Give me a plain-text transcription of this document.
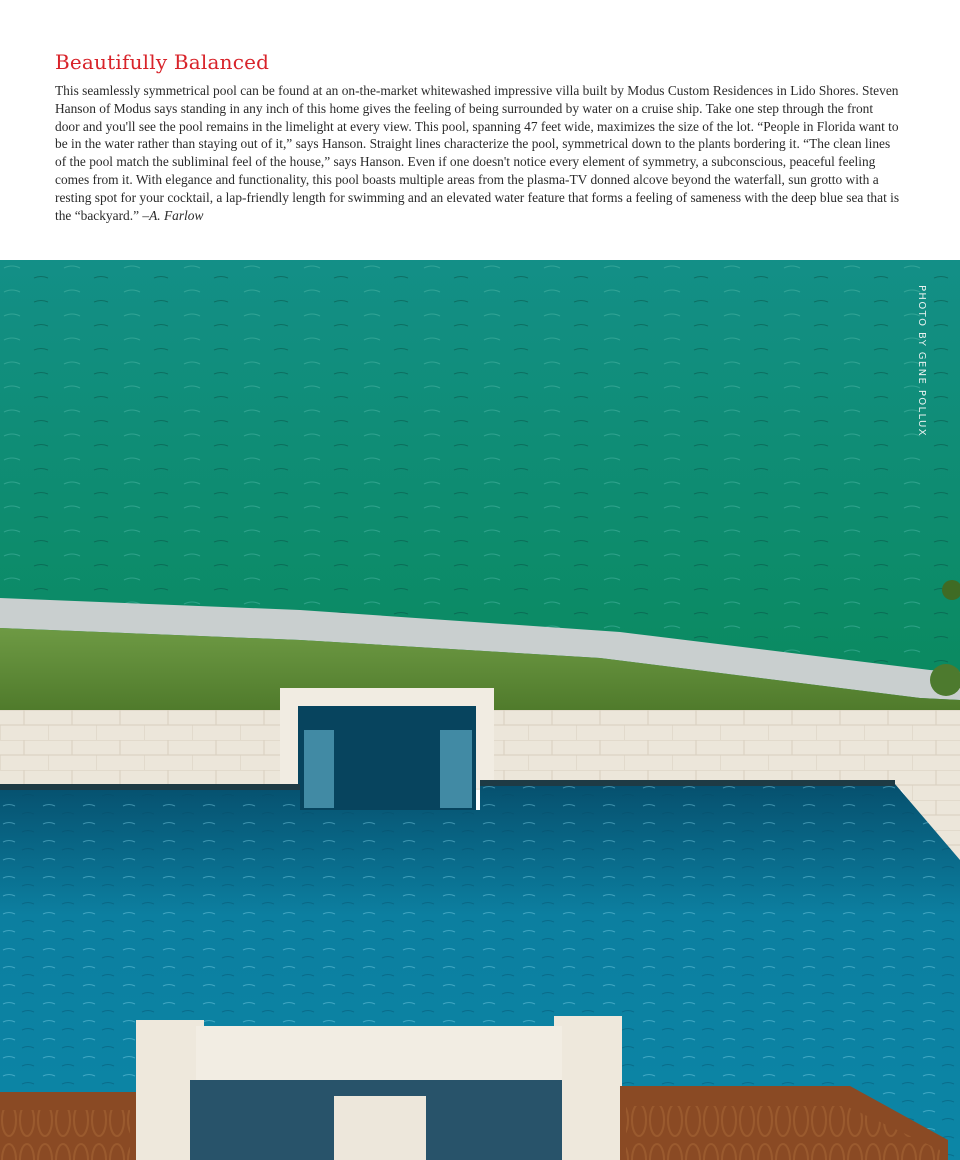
Beautifully Balanced

This seamlessly symmetrical pool can be found at an on-the-market whitewashed impressive villa built by Modus Custom Residences in Lido Shores. Steven Hanson of Modus says standing in any inch of this home gives the feeling of being surrounded by water on a cruise ship. Take one step through the front door and you'll see the pool remains in the limelight at every view. This pool, spanning 47 feet wide, maximizes the size of the lot. “People in Florida want to be in the water rather than staying out of it,” says Hanson. Straight lines characterize the pool, symmetrical down to the plants bordering it. “The clean lines of the pool match the subliminal feel of the house,” says Hanson. Even if one doesn't notice every element of symmetry, a subconscious, peaceful feeling comes from it. With elegance and functionality, this pool boasts multiple areas from the plasma-TV donned alcove beyond the waterfall, sun grotto with a resting spot for your cocktail, a lap-friendly length for swimming and an elevated water feature that forms a feeling of sameness with the deep blue sea that is the “backyard.” –A. Farlow

PHOTO BY GENE POLLUX
